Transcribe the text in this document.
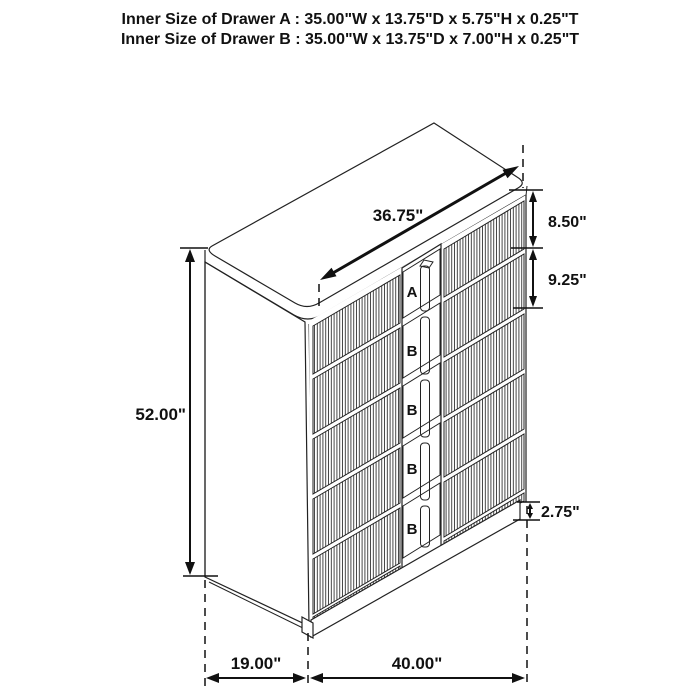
Inner Size of Drawer A : 35.00"W x 13.75"D x 5.75"H x 0.25"T
Inner Size of Drawer B : 35.00"W x 13.75"D x 7.00"H x 0.25"T
A
B
B
B
B
36.75"
52.00"
8.50"
9.25"
2.75"
19.00"	40.00"
